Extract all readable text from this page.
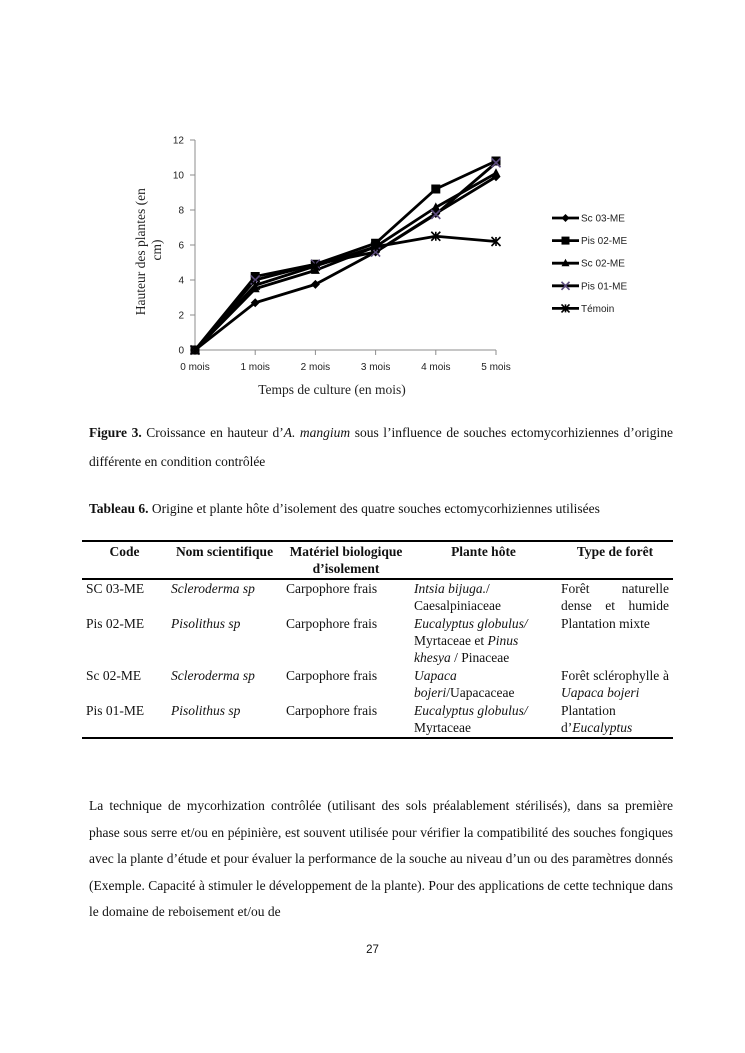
0
2
4
6
8
10
12
0 mois	1 mois	2 mois	3 mois	4 mois	5 mois
Sc 03-ME
Pis 02-ME
Sc 02-ME
Pis 01-ME
Témoin
Temps de culture (en mois)
Hauteur des plantes (en cm)
Figure 3. Croissance en hauteur d’A. mangium sous l’influence de souches ectomycorhiziennes d’origine différente en condition contrôlée
Tableau 6. Origine et plante hôte d’isolement des quatre souches ectomycorhiziennes utilisées
Code	Nom scientifique	Matériel biologique d’isolement	Plante hôte	Type de forêt
SC 03-ME	Scleroderma sp	Carpophore frais	Intsia bijuga./ Caesalpiniaceae	Forêt naturelle dense et humide
Pis 02-ME	Pisolithus sp	Carpophore frais	Eucalyptus globulus/ Myrtaceae et Pinus khesya / Pinaceae	Plantation mixte
Sc 02-ME	Scleroderma sp	Carpophore frais	Uapaca bojeri/Uapacaceae	Forêt sclérophylle à
Uapaca bojeri
Pis 01-ME	Pisolithus sp	Carpophore frais	Eucalyptus globulus/ Myrtaceae	Plantation d’Eucalyptus
La technique de mycorhization contrôlée (utilisant des sols préalablement stérilisés), dans sa première phase sous serre et/ou en pépinière, est souvent utilisée pour vérifier la compatibilité des souches fongiques avec la plante d’étude et pour évaluer la performance de la souche au niveau d’un ou des paramètres donnés (Exemple. Capacité à stimuler le développement de la plante). Pour des applications de cette technique dans le domaine de reboisement et/ou de
27
